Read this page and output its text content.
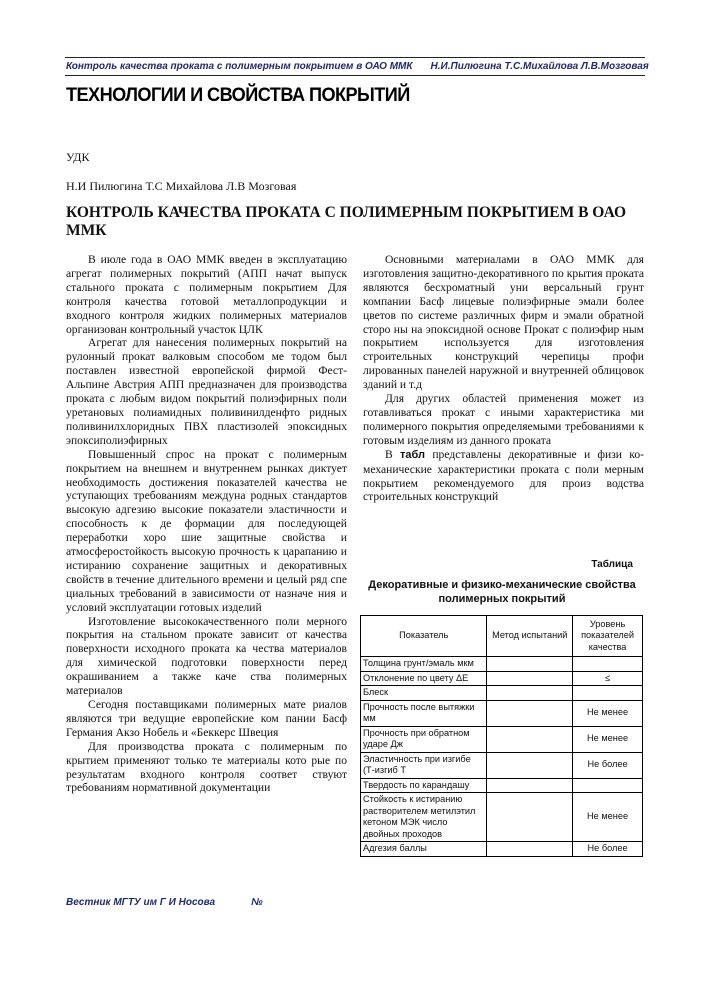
Контроль качества проката с полимерным покрытием в ОАО ММК Н.И.Пилюгина Т.С.Михайлова Л.В.Мозговая
ТЕХНОЛОГИИ И СВОЙСТВА ПОКРЫТИЙ
УДК
Н.И Пилюгина Т.С Михайлова Л.В Мозговая
КОНТРОЛЬ КАЧЕСТВА ПРОКАТА С ПОЛИМЕРНЫМ ПОКРЫТИЕМ В ОАО ММК

В июле года в ОАО ММК введен в эксплуатацию агрегат полимерных покрытий (АПП начат выпуск стального проката с полимерным покрытием Для контроля качества готовой металлопродукции и входного контроля жидких полимерных материалов организован контрольный участок ЦЛК

Агрегат для нанесения полимерных покрытий на рулонный прокат валковым способом ме тодом был поставлен известной европейской фирмой Фест-Альпине Австрия АПП предназначен для производства проката с любым видом покрытий полиэфирных поли уретановых полиамидных поливинилденфто ридных поливинилхлоридных ПВХ пластизолей эпоксидных эпоксиполиэфирных

Повышенный спрос на прокат с полимерным покрытием на внешнем и внутреннем рынках диктует необходимость достижения показателей качества не уступающих требованиям междуна родных стандартов высокую адгезию высокие показатели эластичности и способность к де формации для последующей переработки хоро шие защитные свойства и атмосферостойкость высокую прочность к царапанию и истиранию сохранение защитных и декоративных свойств в течение длительного времени и целый ряд спе циальных требований в зависимости от назначе ния и условий эксплуатации готовых изделий

Изготовление высококачественного поли мерного покрытия на стальном прокате зависит от качества поверхности исходного проката ка чества материалов для химической подготовки поверхности перед окрашиванием а также каче ства полимерных материалов

Сегодня поставщиками полимерных мате риалов являются три ведущие европейские ком пании Басф Германия Акзо Нобель и «Беккерс Швеция

Для производства проката с полимерным по крытием применяют только те материалы кото рые по результатам входного контроля соответ ствуют требованиям нормативной документации

Основными материалами в ОАО ММК для изготовления защитно-декоративного по крытия проката являются бесхроматный уни версальный грунт компании Басф лицевые полиэфирные эмали более цветов по системе различных фирм и эмали обратной сторо ны на эпоксидной основе Прокат с полиэфир ным покрытием используется для изготовления строительных конструкций черепицы профи лированных панелей наружной и внутренней облицовок зданий и т.д

Для других областей применения может из готавливаться прокат с иными характеристика ми полимерного покрытия определяемыми требованиями к готовым изделиям из данного проката

В табл представлены декоративные и физи ко-механические характеристики проката с поли мерным покрытием рекомендуемого для произ водства строительных конструкций

Таблица
Декоративные и физико-механические свойства полимерных покрытий
Показатель	Метод испытаний	Уровень показателей качества
Толщина грунт/эмаль мкм		
Отклонение по цвету ΔE		≤
Блеск		
Прочность после вытяжки мм		Не менее
Прочность при обратном ударе Дж		Не менее
Эластичность при изгибе (Т-изгиб Т		Не более
Твердость по карандашу		
Стойкость к истиранию растворителем метилэтил кетоном МЭК число двойных проходов		Не менее
Адгезия баллы		Не более
Вестник МГТУ им Г И Носова	№
